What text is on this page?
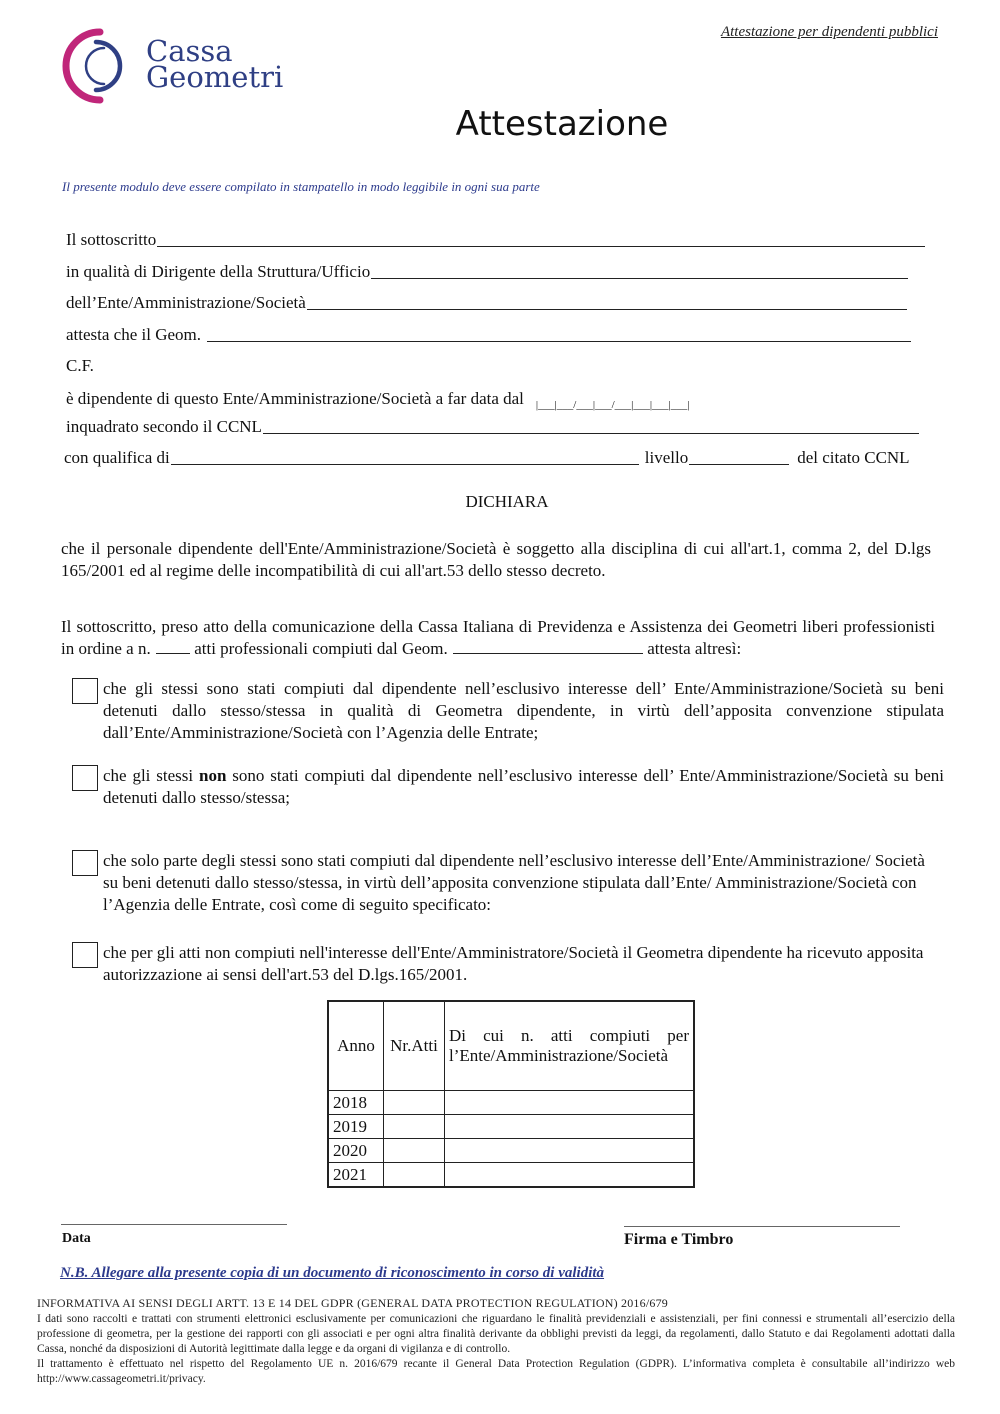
Attestazione per dipendenti pubblici
Cassa
Geometri
Attestazione
Il presente modulo deve essere compilato in stampatello in modo leggibile in ogni sua parte
Il sottoscritto
in qualità di Dirigente della Struttura/Ufficio
dell’Ente/Amministrazione/Società
attesta che il Geom.
C.F.
è dipendente di questo Ente/Amministrazione/Società a far data dal |___|___/___|___/___|___|___|___|
inquadrato secondo il CCNL
con qualifica di	livello	del citato CCNL
DICHIARA
che il personale dipendente dell'Ente/Amministrazione/Società è soggetto alla disciplina di cui all'art.1, comma 2, del D.lgs 165/2001 ed al regime delle incompatibilità di cui all'art.53 dello stesso decreto.
Il sottoscritto, preso atto della comunicazione della Cassa Italiana di Previdenza e Assistenza dei Geometri liberi professionisti in ordine a n.	atti professionali compiuti dal Geom.	attesta altresì:
che gli stessi sono stati compiuti dal dipendente nell’esclusivo interesse dell’ Ente/Amministrazione/Società su beni detenuti dallo stesso/stessa in qualità di Geometra dipendente, in virtù dell’apposita convenzione stipulata dall’Ente/Amministrazione/Società con l’Agenzia delle Entrate;
che gli stessi non sono stati compiuti dal dipendente nell’esclusivo interesse dell’ Ente/Amministrazione/Società su beni detenuti dallo stesso/stessa;
che solo parte degli stessi sono stati compiuti dal dipendente nell’esclusivo interesse dell’Ente/Amministrazione/ Società su beni detenuti dallo stesso/stessa, in virtù dell’apposita convenzione stipulata dall’Ente/ Amministrazione/Società con l’Agenzia delle Entrate, così come di seguito specificato:
che per gli atti non compiuti nell'interesse dell'Ente/Amministratore/Società il Geometra dipendente ha ricevuto apposita autorizzazione ai sensi dell'art.53 del D.lgs.165/2001.
Anno	Nr.Atti	Di cui n. atti compiuti per l’Ente/Amministrazione/Società
2018		
2019		
2020		
2021		
Data	Firma e Timbro
N.B. Allegare alla presente copia di un documento di riconoscimento in corso di validità
INFORMATIVA AI SENSI DEGLI ARTT. 13 E 14 DEL GDPR (GENERAL DATA PROTECTION REGULATION) 2016/679
I dati sono raccolti e trattati con strumenti elettronici esclusivamente per comunicazioni che riguardano le finalità previdenziali e assistenziali, per fini connessi e strumentali all’esercizio della professione di geometra, per la gestione dei rapporti con gli associati e per ogni altra finalità derivante da obblighi previsti da leggi, da regolamenti, dallo Statuto e dai Regolamenti adottati dalla Cassa, nonché da disposizioni di Autorità legittimate dalla legge e da organi di vigilanza e di controllo.
Il trattamento è effettuato nel rispetto del Regolamento UE n. 2016/679 recante il General Data Protection Regulation (GDPR). L’informativa completa è consultabile all’indirizzo web http://www.cassageometri.it/privacy.
